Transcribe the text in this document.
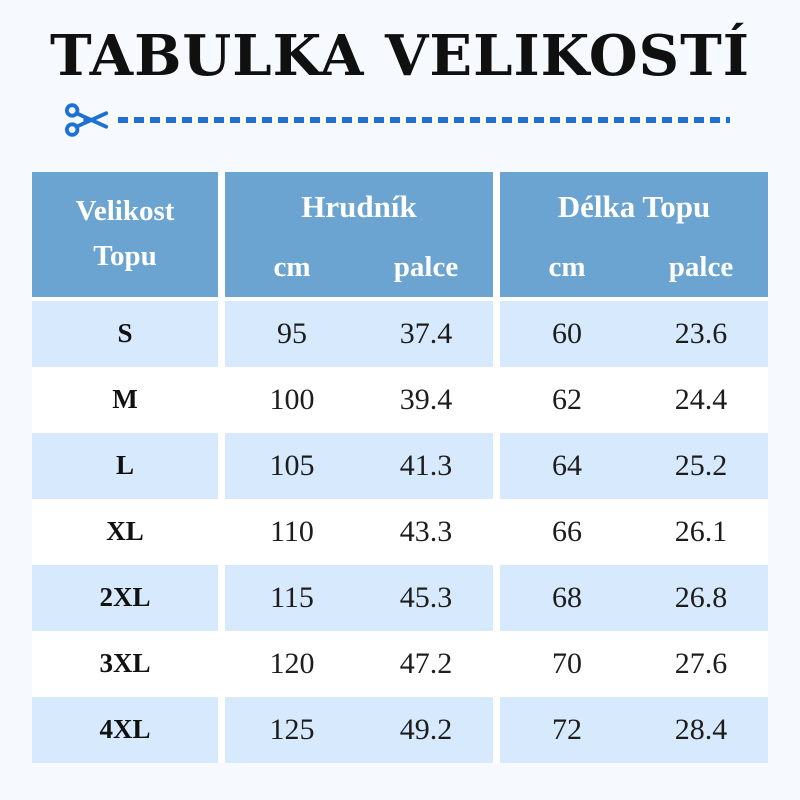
TABULKA VELIKOSTÍ
Velikost
Topu
Hrudník
cm	palce
Délka Topu
cm	palce
S	95	37.4	60	23.6
M	100	39.4	62	24.4
L	105	41.3	64	25.2
XL	110	43.3	66	26.1
2XL	115	45.3	68	26.8
3XL	120	47.2	70	27.6
4XL	125	49.2	72	28.4
